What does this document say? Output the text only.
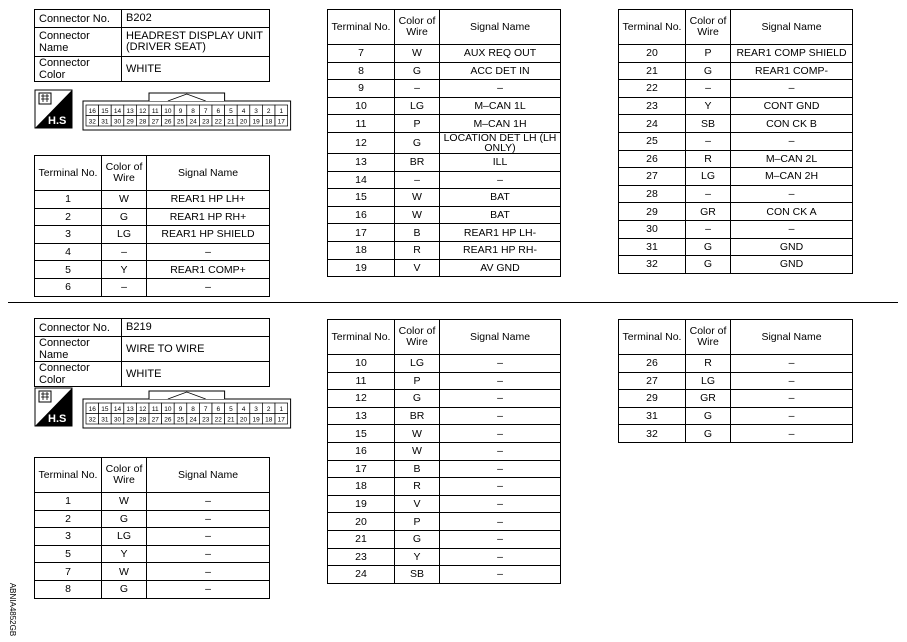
Connector No.	B202
Connector Name	HEADREST DISPLAY UNIT (DRIVER SEAT)
Connector Color	WHITE
H.S
16 15 14 13 12 11 10 9 8 7 6 5 4 3 2 1
32 31 30 29 28 27 26 25 24 23 22 21 20 19 18 17
Terminal No.	Color of Wire	Signal Name
1	W	REAR1 HP LH+
2	G	REAR1 HP RH+
3	LG	REAR1 HP SHIELD
4	–	–
5	Y	REAR1 COMP+
6	–	–
Terminal No.	Color of Wire	Signal Name
7	W	AUX REQ OUT
8	G	ACC DET IN
9	–	–
10	LG	M–CAN 1L
11	P	M–CAN 1H
12	G	LOCATION DET LH (LH ONLY)
13	BR	ILL
14	–	–
15	W	BAT
16	W	BAT
17	B	REAR1 HP LH-
18	R	REAR1 HP RH-
19	V	AV GND
Terminal No.	Color of Wire	Signal Name
20	P	REAR1 COMP SHIELD
21	G	REAR1 COMP-
22	–	–
23	Y	CONT GND
24	SB	CON CK B
25	–	–
26	R	M–CAN 2L
27	LG	M–CAN 2H
28	–	–
29	GR	CON CK A
30	–	–
31	G	GND
32	G	GND
Connector No.	B219
Connector Name	WIRE TO WIRE
Connector Color	WHITE
H.S
16 15 14 13 12 11 10 9 8 7 6 5 4 3 2 1
32 31 30 29 28 27 26 25 24 23 22 21 20 19 18 17
Terminal No.	Color of Wire	Signal Name
1	W	–
2	G	–
3	LG	–
5	Y	–
7	W	–
8	G	–
Terminal No.	Color of Wire	Signal Name
10	LG	–
11	P	–
12	G	–
13	BR	–
15	W	–
16	W	–
17	B	–
18	R	–
19	V	–
20	P	–
21	G	–
23	Y	–
24	SB	–
Terminal No.	Color of Wire	Signal Name
26	R	–
27	LG	–
29	GR	–
31	G	–
32	G	–
ABNIA4852GB
